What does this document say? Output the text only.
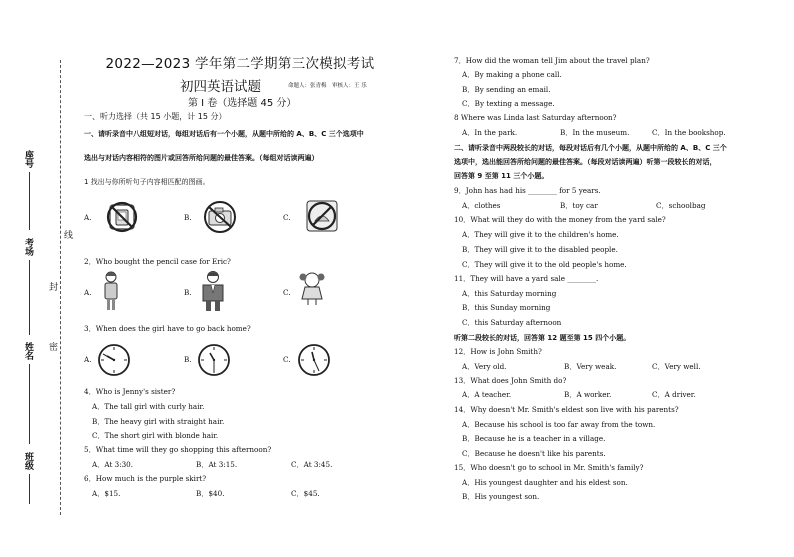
座号
考场
姓名
班级
线
封
密
2022—2023 学年第二学期第三次模拟考试
初四英语试题	命题人：张青梅　审核人：王 乐
第 I 卷（选择题 45 分）
一、听力选择（共 15 小题，计 15 分）
一、请听录音中八组短对话，每组对话后有一个小题，从题中所给的 A、B、C 三个选项中
选出与对话内容相符的图片或回答所给问题的最佳答案。（每组对话读两遍）
1 找出与你所听句子内容相匹配的图画。
A.	B.	C.
2．Who bought the pencil case for Eric?
A.	B.	C.
3．When does the girl have to go back home?
A.	B.	C.
4．Who is Jenny's sister?
A．The tall girl with curly hair.
B．The heavy girl with straight hair.
C．The short girl with blonde hair.
5．What time will they go shopping this afternoon?
A．At 3:30.	B．At 3:15.	C．At 3:45.
6．How much is the purple skirt?
A．$15.	B．$40.	C．$45.
7．How did the woman tell Jim about the travel plan?
A．By making a phone call.
B．By sending an email.
C．By texting a message.
8 Where was Linda last Saturday afternoon?
A．In the park.	B．In the museum.	C．In the bookshop.
二、请听录音中两段较长的对话，每段对话后有几个小题，从题中所给的 A、B、C 三个
选项中，选出能回答所给问题的最佳答案。（每段对话读两遍）听第一段较长的对话，
回答第 9 至第 11 三个小题。
9．John has had his ________ for 5 years.
A．clothes	B．toy car	C．schoolbag
10．What will they do with the money from the yard sale?
A．They will give it to the children's home.
B．They will give it to the disabled people.
C．They will give it to the old people's home.
11．They will have a yard sale ________.
A．this Saturday morning
B．this Sunday morning
C．this Saturday afternoon
听第二段较长的对话，回答第 12 题至第 15 四个小题。
12．How is John Smith?
A．Very old.	B．Very weak.	C．Very well.
13．What does John Smith do?
A．A teacher.	B．A worker.	C．A driver.
14．Why doesn't Mr. Smith's eldest son live with his parents?
A．Because his school is too far away from the town.
B．Because he is a teacher in a village.
C．Because he doesn't like his parents.
15．Who doesn't go to school in Mr. Smith's family?
A．His youngest daughter and his eldest son.
B．His youngest son.
